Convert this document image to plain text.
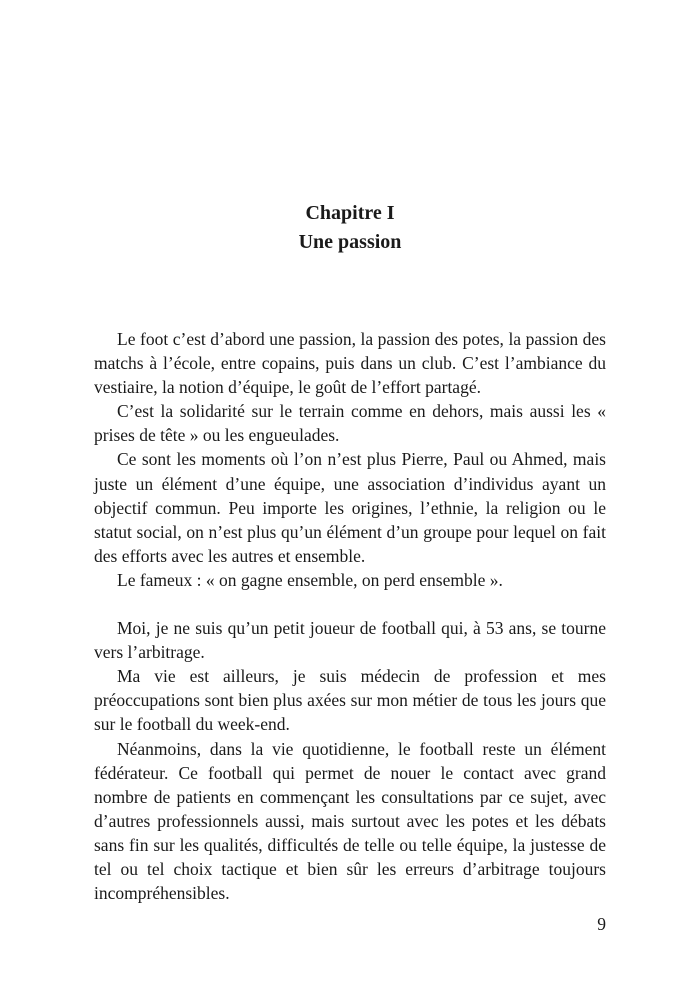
Chapitre I
Une passion

Le foot c’est d’abord une passion, la passion des potes, la passion des matchs à l’école, entre copains, puis dans un club. C’est l’ambiance du vestiaire, la notion d’équipe, le goût de l’effort partagé.

C’est la solidarité sur le terrain comme en dehors, mais aussi les « prises de tête » ou les engueulades.

Ce sont les moments où l’on n’est plus Pierre, Paul ou Ahmed, mais juste un élément d’une équipe, une association d’individus ayant un objectif commun. Peu importe les origines, l’ethnie, la religion ou le statut social, on n’est plus qu’un élément d’un groupe pour lequel on fait des efforts avec les autres et ensemble.

Le fameux : « on gagne ensemble, on perd ensemble ».

Moi, je ne suis qu’un petit joueur de football qui, à 53 ans, se tourne vers l’arbitrage.

Ma vie est ailleurs, je suis médecin de profession et mes préoccupations sont bien plus axées sur mon métier de tous les jours que sur le football du week-end.

Néanmoins, dans la vie quotidienne, le football reste un élément fédérateur. Ce football qui permet de nouer le contact avec grand nombre de patients en commençant les consultations par ce sujet, avec d’autres professionnels aussi, mais surtout avec les potes et les débats sans fin sur les qualités, difficultés de telle ou telle équipe, la justesse de tel ou tel choix tactique et bien sûr les erreurs d’arbitrage toujours incompréhensibles.

9
